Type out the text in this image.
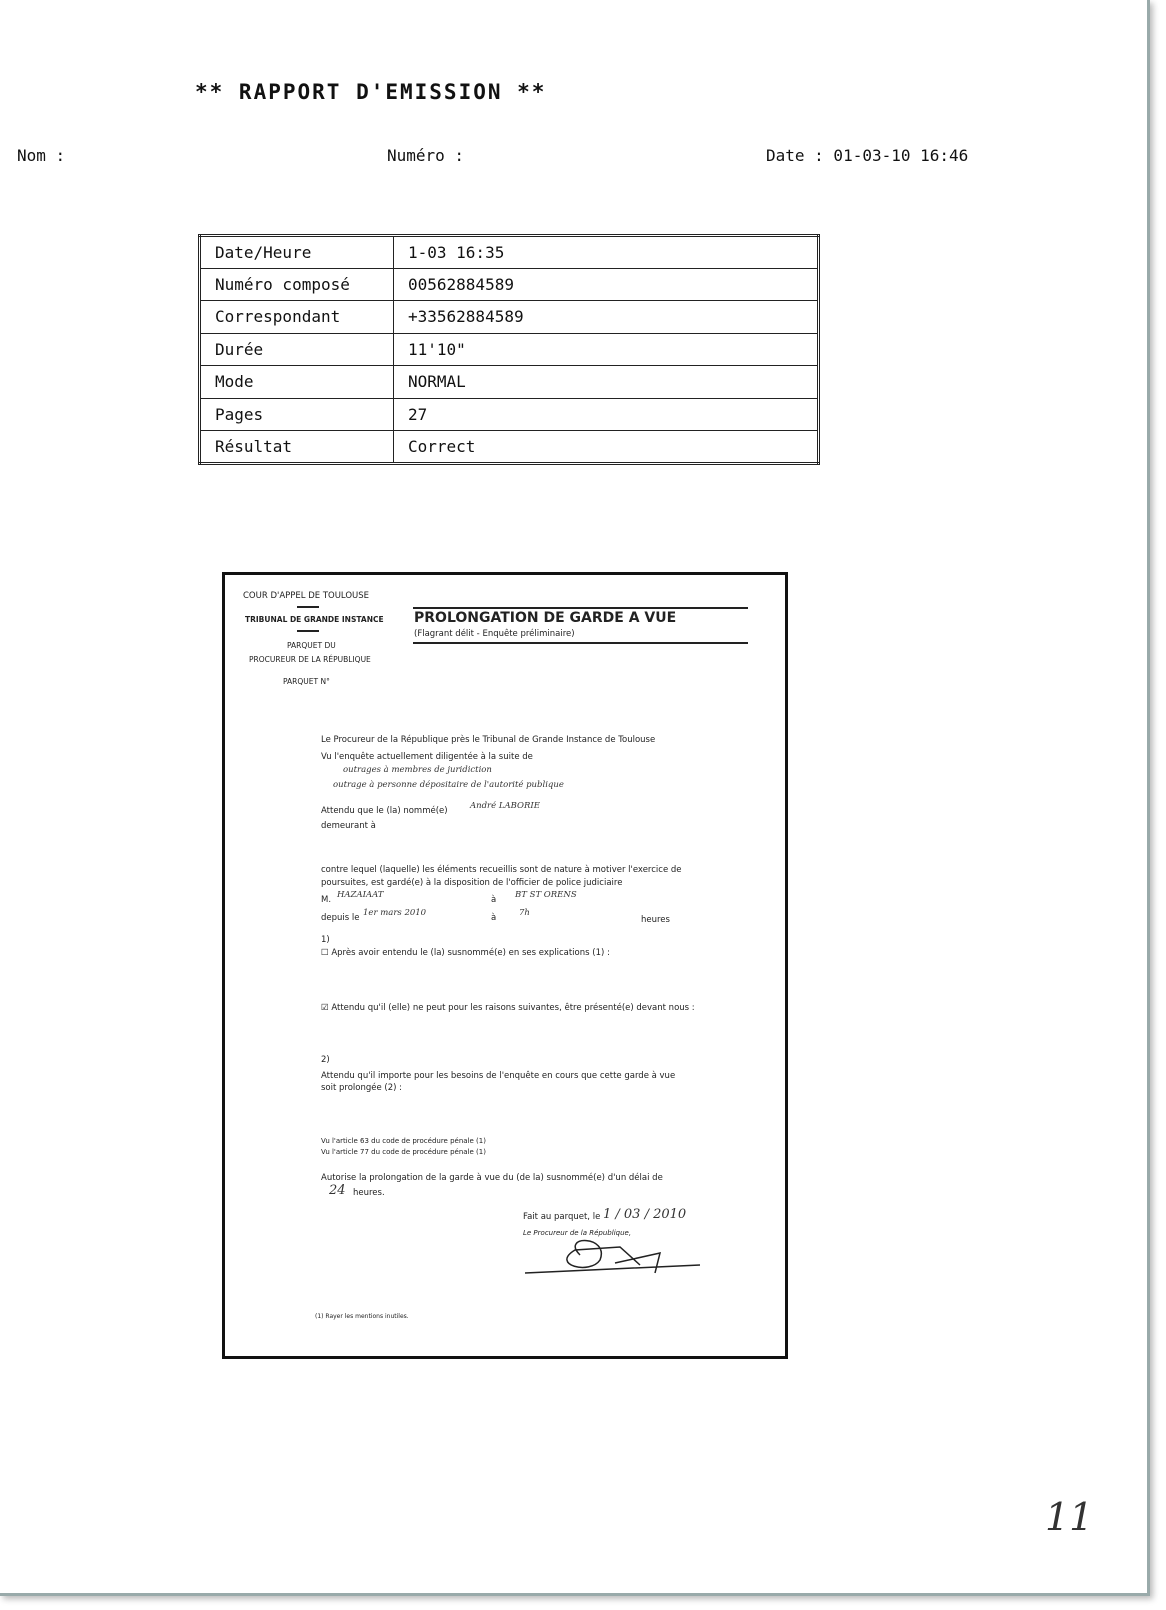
** RAPPORT D'EMISSION **
Nom :	Numéro :	Date : 01-03-10 16:46
Date/Heure	1-03 16:35
Numéro composé	00562884589
Correspondant	+33562884589
Durée	11'10"
Mode	NORMAL
Pages	27
Résultat	Correct
COUR D'APPEL DE TOULOUSE
TRIBUNAL DE GRANDE INSTANCE
PARQUET DU
PROCUREUR DE LA RÉPUBLIQUE
PARQUET N°
PROLONGATION DE GARDE A VUE
(Flagrant délit - Enquête préliminaire)
Le Procureur de la République près le Tribunal de Grande Instance de Toulouse
Vu l'enquête actuellement diligentée à la suite de
outrages à membres de juridiction
outrage à personne dépositaire de l'autorité publique
Attendu que le (la) nommé(e)	André LABORIE
demeurant à
contre lequel (laquelle) les éléments recueillis sont de nature à motiver l'exercice de
poursuites, est gardé(e) à la disposition de l'officier de police judiciaire
M. HAZAIAAT	à BT ST ORENS
depuis le 1er mars 2010	à	7h
heures
1)
☐ Après avoir entendu le (la) susnommé(e) en ses explications (1) :
☑ Attendu qu'il (elle) ne peut pour les raisons suivantes, être présenté(e) devant nous :
2)
Attendu qu'il importe pour les besoins de l'enquête en cours que cette garde à vue
soit prolongée (2) :
Vu l'article 63 du code de procédure pénale (1)
Vu l'article 77 du code de procédure pénale (1)
Autorise la prolongation de la garde à vue du (de la) susnommé(e) d'un délai de
24 heures.
Fait au parquet, le 1 / 03 / 2010
Le Procureur de la République,
(1) Rayer les mentions inutiles.
11
